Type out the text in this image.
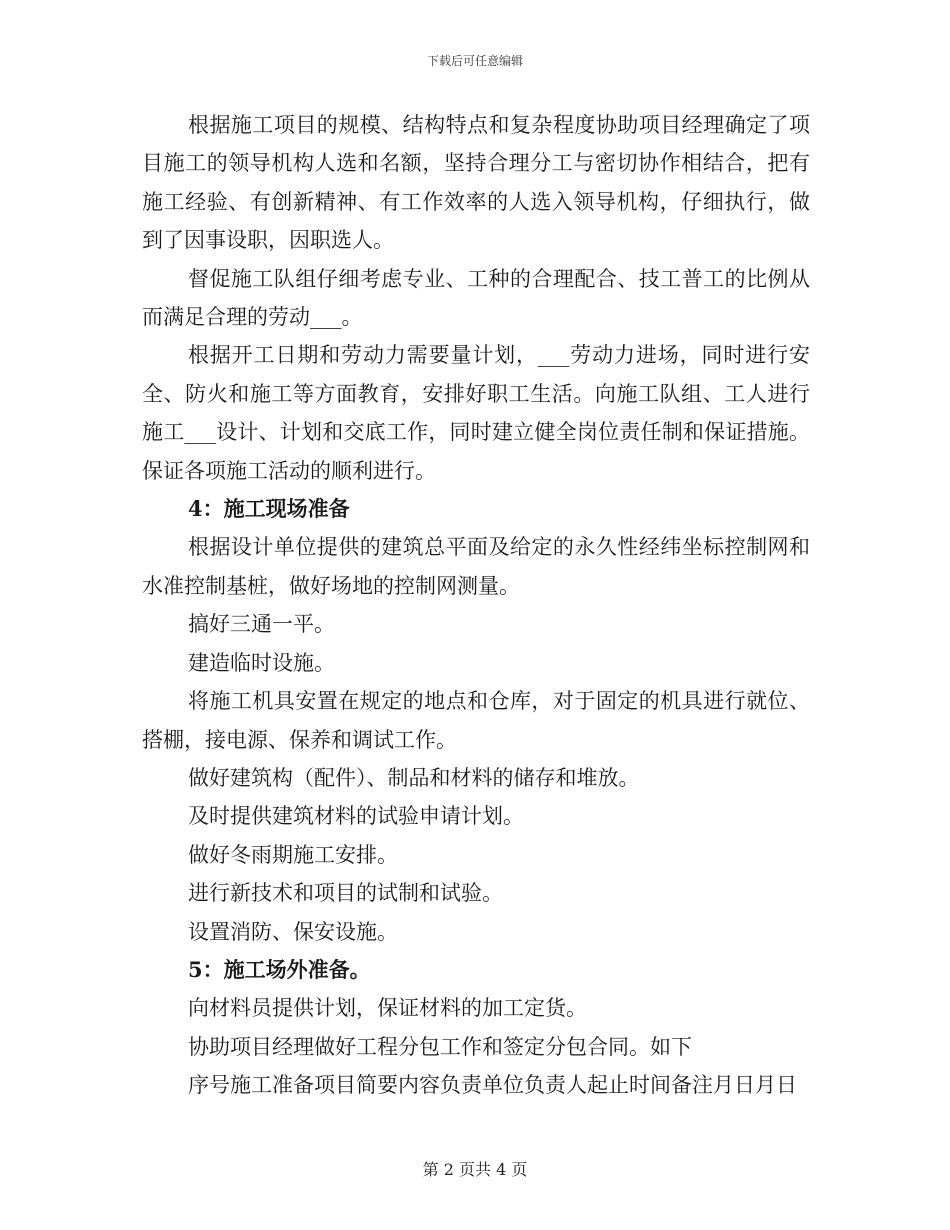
下载后可任意编辑

根据施工项目的规模、结构特点和复杂程度协助项目经理确定了项目施工的领导机构人选和名额，坚持合理分工与密切协作相结合，把有施工经验、有创新精神、有工作效率的人选入领导机构，仔细执行，做到了因事设职，因职选人。

督促施工队组仔细考虑专业、工种的合理配合、技工普工的比例从而满足合理的劳动___。

根据开工日期和劳动力需要量计划，___劳动力进场，同时进行安全、防火和施工等方面教育，安排好职工生活。向施工队组、工人进行施工___设计、计划和交底工作，同时建立健全岗位责任制和保证措施。保证各项施工活动的顺利进行。

4：施工现场准备

根据设计单位提供的建筑总平面及给定的永久性经纬坐标控制网和水准控制基桩，做好场地的控制网测量。

搞好三通一平。

建造临时设施。

将施工机具安置在规定的地点和仓库，对于固定的机具进行就位、搭棚，接电源、保养和调试工作。

做好建筑构（配件）、制品和材料的储存和堆放。

及时提供建筑材料的试验申请计划。

做好冬雨期施工安排。

进行新技术和项目的试制和试验。

设置消防、保安设施。

5：施工场外准备。

向材料员提供计划，保证材料的加工定货。

协助项目经理做好工程分包工作和签定分包合同。如下

序号施工准备项目简要内容负责单位负责人起止时间备注月日月日

第 2 页共 4 页
